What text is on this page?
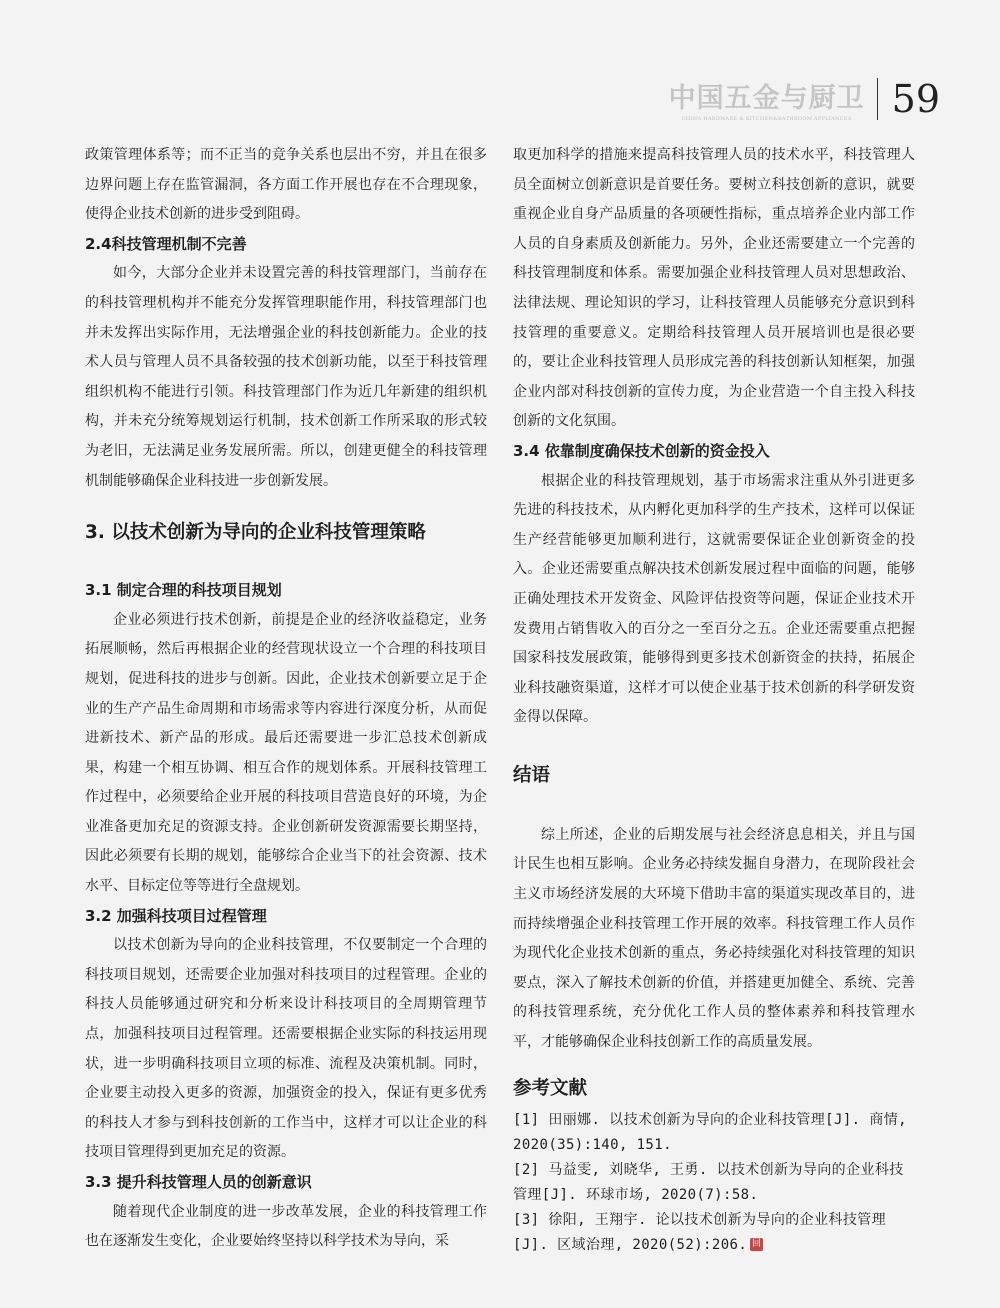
中国五金与厨卫
CHINA HARDWARE & KITCHEN&BATHROOM APPLIANCES	59

政策管理体系等；而不正当的竞争关系也层出不穷，并且在很多边界问题上存在监管漏洞，各方面工作开展也存在不合理现象，使得企业技术创新的进步受到阻碍。

2.4科技管理机制不完善

如今，大部分企业并未设置完善的科技管理部门，当前存在的科技管理机构并不能充分发挥管理职能作用，科技管理部门也并未发挥出实际作用，无法增强企业的科技创新能力。企业的技术人员与管理人员不具备较强的技术创新功能，以至于科技管理组织机构不能进行引领。科技管理部门作为近几年新建的组织机构，并未充分统筹规划运行机制，技术创新工作所采取的形式较为老旧，无法满足业务发展所需。所以，创建更健全的科技管理机制能够确保企业科技进一步创新发展。

3. 以技术创新为导向的企业科技管理策略
3.1 制定合理的科技项目规划

企业必须进行技术创新，前提是企业的经济收益稳定，业务拓展顺畅，然后再根据企业的经营现状设立一个合理的科技项目规划，促进科技的进步与创新。因此，企业技术创新要立足于企业的生产产品生命周期和市场需求等内容进行深度分析，从而促进新技术、新产品的形成。最后还需要进一步汇总技术创新成果，构建一个相互协调、相互合作的规划体系。开展科技管理工作过程中，必须要给企业开展的科技项目营造良好的环境，为企业准备更加充足的资源支持。企业创新研发资源需要长期坚持，因此必须要有长期的规划，能够综合企业当下的社会资源、技术水平、目标定位等等进行全盘规划。

3.2 加强科技项目过程管理

以技术创新为导向的企业科技管理，不仅要制定一个合理的科技项目规划，还需要企业加强对科技项目的过程管理。企业的科技人员能够通过研究和分析来设计科技项目的全周期管理节点，加强科技项目过程管理。还需要根据企业实际的科技运用现状，进一步明确科技项目立项的标准、流程及决策机制。同时，企业要主动投入更多的资源，加强资金的投入，保证有更多优秀的科技人才参与到科技创新的工作当中，这样才可以让企业的科技项目管理得到更加充足的资源。

3.3 提升科技管理人员的创新意识

随着现代企业制度的进一步改革发展，企业的科技管理工作也在逐渐发生变化，企业要始终坚持以科学技术为导向，采

取更加科学的措施来提高科技管理人员的技术水平，科技管理人员全面树立创新意识是首要任务。要树立科技创新的意识，就要重视企业自身产品质量的各项硬性指标，重点培养企业内部工作人员的自身素质及创新能力。另外，企业还需要建立一个完善的科技管理制度和体系。需要加强企业科技管理人员对思想政治、法律法规、理论知识的学习，让科技管理人员能够充分意识到科技管理的重要意义。定期给科技管理人员开展培训也是很必要的，要让企业科技管理人员形成完善的科技创新认知框架，加强企业内部对科技创新的宣传力度，为企业营造一个自主投入科技创新的文化氛围。

3.4 依靠制度确保技术创新的资金投入

根据企业的科技管理规划，基于市场需求注重从外引进更多先进的科技技术，从内孵化更加科学的生产技术，这样可以保证生产经营能够更加顺利进行，这就需要保证企业创新资金的投入。企业还需要重点解决技术创新发展过程中面临的问题，能够正确处理技术开发资金、风险评估投资等问题，保证企业技术开发费用占销售收入的百分之一至百分之五。企业还需要重点把握国家科技发展政策，能够得到更多技术创新资金的扶持，拓展企业科技融资渠道，这样才可以使企业基于技术创新的科学研发资金得以保障。

结语

综上所述，企业的后期发展与社会经济息息相关，并且与国计民生也相互影响。企业务必持续发掘自身潜力，在现阶段社会主义市场经济发展的大环境下借助丰富的渠道实现改革目的，进而持续增强企业科技管理工作开展的效率。科技管理工作人员作为现代化企业技术创新的重点，务必持续强化对科技管理的知识要点，深入了解技术创新的价值，并搭建更加健全、系统、完善的科技管理系统，充分优化工作人员的整体素养和科技管理水平，才能够确保企业科技创新工作的高质量发展。

参考文献

[1] 田丽娜. 以技术创新为导向的企业科技管理[J]. 商情, 2020(35):140, 151.

[2] 马益雯, 刘晓华, 王勇. 以技术创新为导向的企业科技管理[J]. 环球市场, 2020(7):58.

[3] 徐阳, 王翔宇. 论以技术创新为导向的企业科技管理[J]. 区域治理, 2020(52):206. 回
